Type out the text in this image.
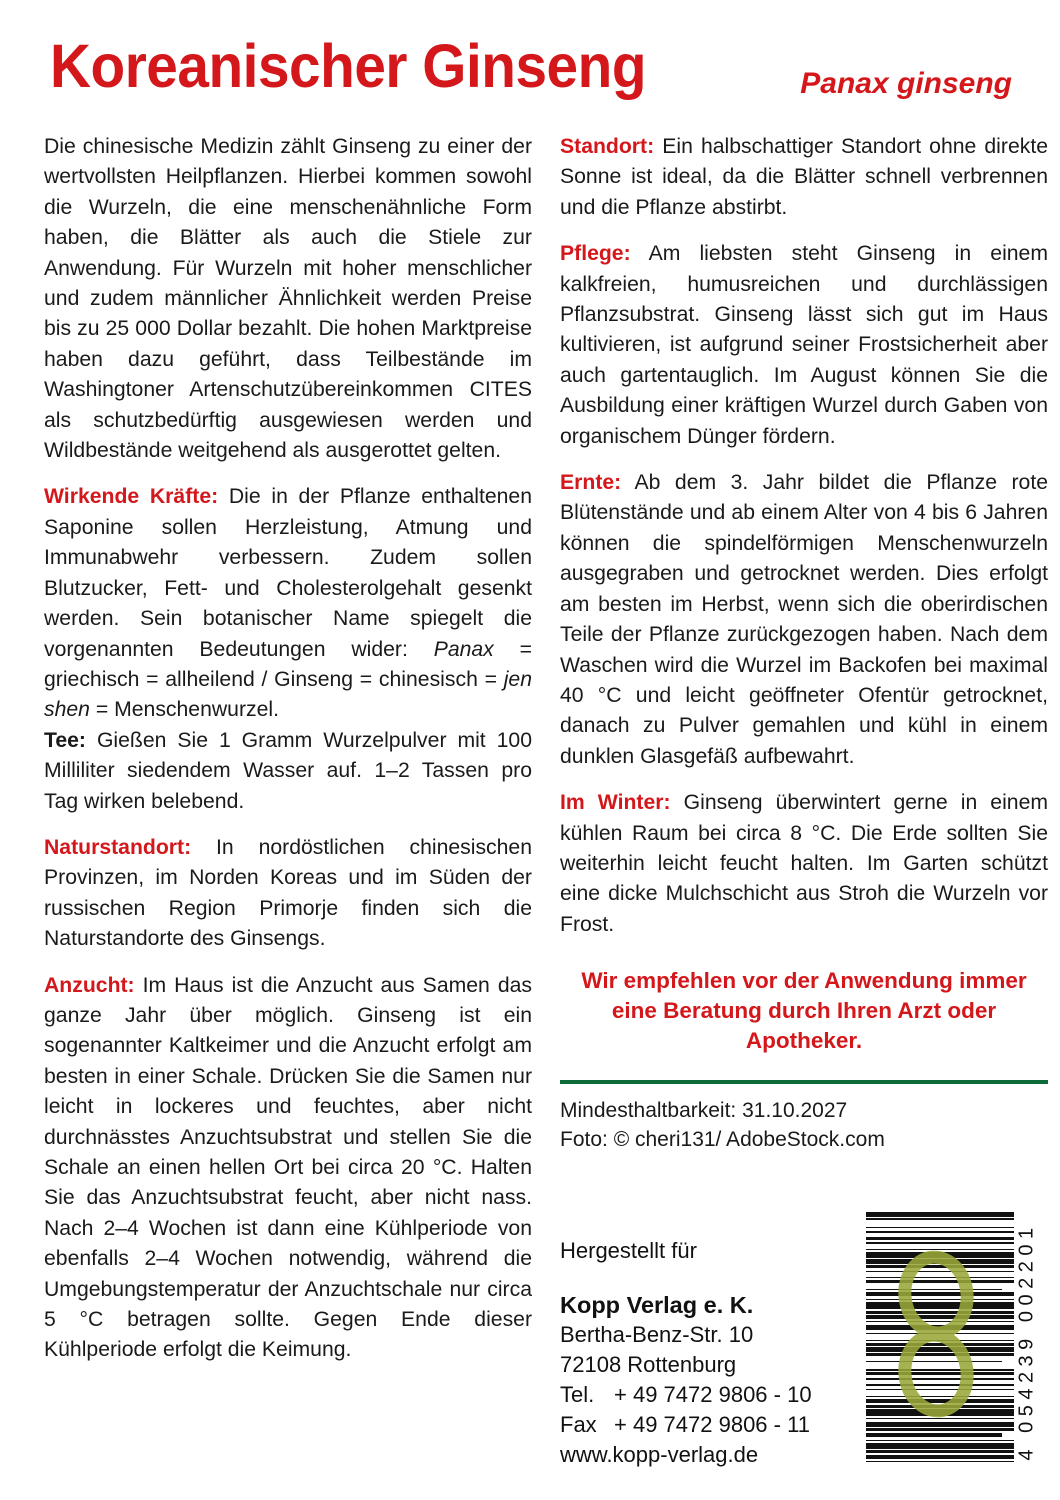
Koreanischer Ginseng	Panax ginseng

Die chinesische Medizin zählt Ginseng zu einer der wertvollsten Heilpflanzen. Hierbei kommen sowohl die Wurzeln, die eine menschenähnliche Form haben, die Blätter als auch die Stiele zur Anwendung. Für Wurzeln mit hoher menschlicher und zudem männlicher Ähnlichkeit werden Preise bis zu 25 000 Dollar bezahlt. Die hohen Marktpreise haben dazu geführt, dass Teilbestände im Washingtoner Artenschutzübereinkommen CITES als schutzbedürftig ausgewiesen werden und Wildbestände weitgehend als ausgerottet gelten.

Wirkende Kräfte: Die in der Pflanze enthaltenen Saponine sollen Herzleistung, Atmung und Immunabwehr verbessern. Zudem sollen Blutzucker, Fett- und Cholesterolgehalt gesenkt werden. Sein botanischer Name spiegelt die vorgenannten Bedeutungen wider: Panax = griechisch = allheilend / Ginseng = chinesisch = jen shen = Menschenwurzel.

Tee: Gießen Sie 1 Gramm Wurzelpulver mit 100 Milliliter siedendem Wasser auf. 1–2 Tassen pro Tag wirken belebend.

Naturstandort: In nordöstlichen chinesischen Provinzen, im Norden Koreas und im Süden der russischen Region Primorje finden sich die Naturstandorte des Ginsengs.

Anzucht: Im Haus ist die Anzucht aus Samen das ganze Jahr über möglich. Ginseng ist ein sogenannter Kaltkeimer und die Anzucht erfolgt am besten in einer Schale. Drücken Sie die Samen nur leicht in lockeres und feuchtes, aber nicht durchnässtes Anzuchtsubstrat und stellen Sie die Schale an einen hellen Ort bei circa 20 °C. Halten Sie das Anzuchtsubstrat feucht, aber nicht nass. Nach 2–4 Wochen ist dann eine Kühlperiode von ebenfalls 2–4 Wochen notwendig, während die Umgebungstemperatur der Anzuchtschale nur circa 5 °C betragen sollte. Gegen Ende dieser Kühlperiode erfolgt die Keimung.

Standort: Ein halbschattiger Standort ohne direkte Sonne ist ideal, da die Blätter schnell verbrennen und die Pflanze abstirbt.

Pflege: Am liebsten steht Ginseng in einem kalkfreien, humusreichen und durchlässigen Pflanzsubstrat. Ginseng lässt sich gut im Haus kultivieren, ist aufgrund seiner Frostsicherheit aber auch gartentauglich. Im August können Sie die Ausbildung einer kräftigen Wurzel durch Gaben von organischem Dünger fördern.

Ernte: Ab dem 3. Jahr bildet die Pflanze rote Blütenstände und ab einem Alter von 4 bis 6 Jahren können die spindelförmigen Menschenwurzeln ausgegraben und getrocknet werden. Dies erfolgt am besten im Herbst, wenn sich die oberirdischen Teile der Pflanze zurückgezogen haben. Nach dem Waschen wird die Wurzel im Backofen bei maximal 40 °C und leicht geöffneter Ofentür getrocknet, danach zu Pulver gemahlen und kühl in einem dunklen Glasgefäß aufbewahrt.

Im Winter: Ginseng überwintert gerne in einem kühlen Raum bei circa 8 °C. Die Erde sollten Sie weiterhin leicht feucht halten. Im Garten schützt eine dicke Mulchschicht aus Stroh die Wurzeln vor Frost.

Wir empfehlen vor der Anwendung immer eine Beratung durch Ihren Arzt oder Apotheker.
Mindesthaltbarkeit: 31.10.2027
Foto: © cheri131/ AdobeStock.com
Hergestellt für
Kopp Verlag e. K.
Bertha-Benz-Str. 10
72108 Rottenburg
Tel. + 49 7472 9806 - 10
Fax + 49 7472 9806 - 11
www.kopp-verlag.de	4 054239 002201
